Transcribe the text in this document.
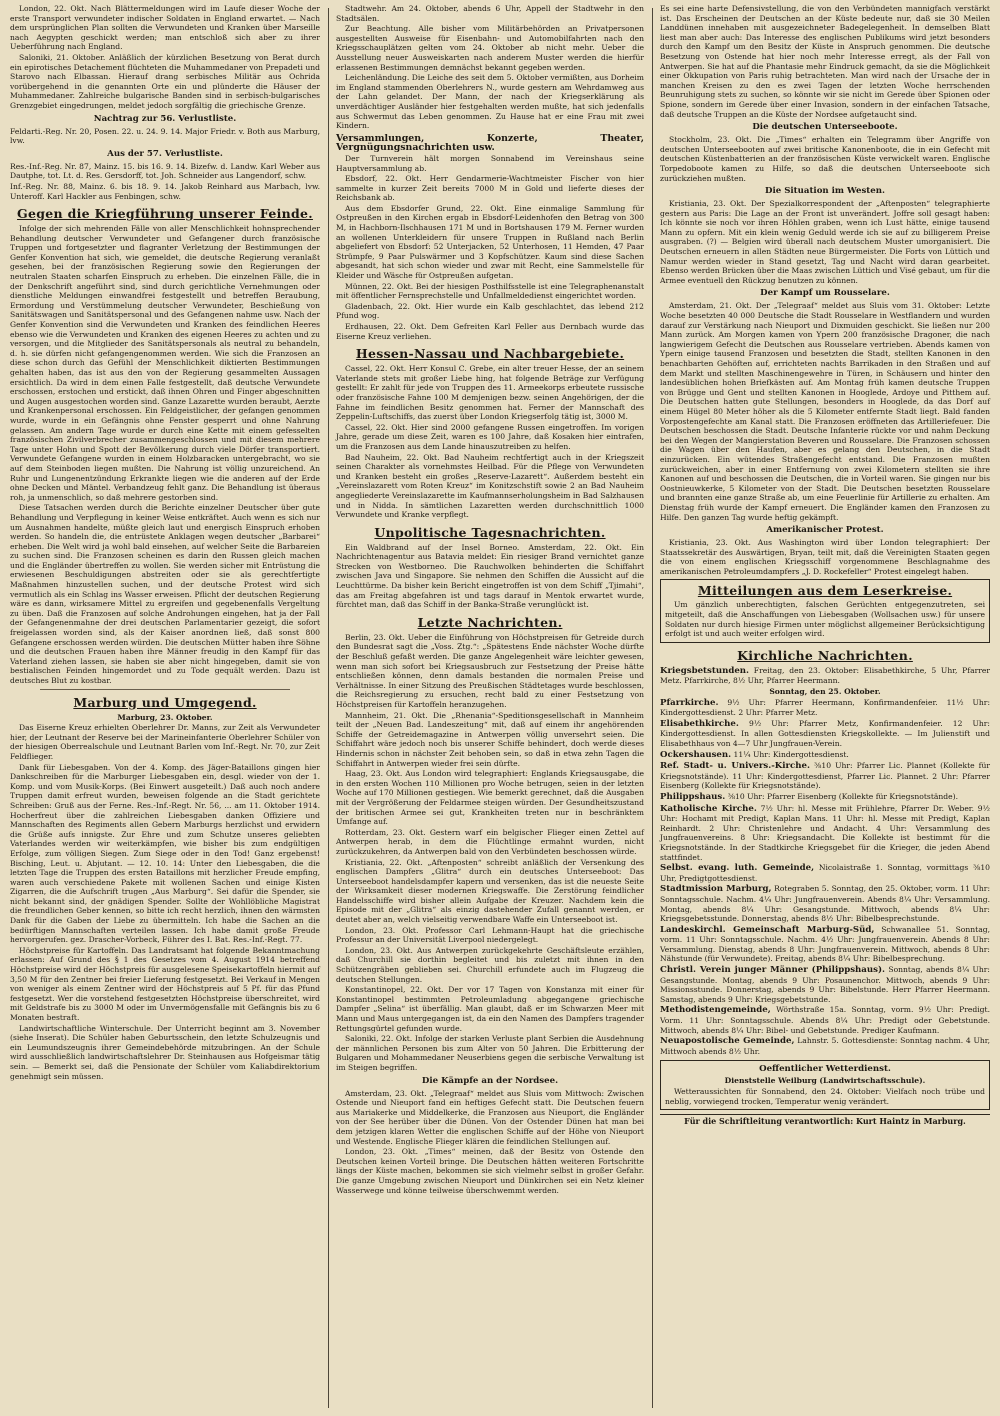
London, 22. Okt. Nach Blättermeldungen wird im Laufe dieser Woche der erste Transport verwundeter indischer Soldaten in England erwartet. — Nach dem ursprünglichen Plan sollten die Verwundeten und Kranken über Marseille nach Aegypten geschickt werden; man entschloß sich aber zu ihrer Ueberführung nach England.

Saloniki, 21. Oktober. Anläßlich der kürzlichen Besetzung von Berat durch ein epirotisches Detachement flüchteten die Muhammedaner von Prepadeti und Starovo nach Elbassan. Hierauf drang serbisches Militär aus Ochrida vorübergehend in die genannten Orte ein und plünderte die Häuser der Muhammedaner. Zahlreiche bulgarische Banden sind in serbisch-bulgarisches Grenzgebiet eingedrungen, meldet jedoch sorgfältig die griechische Grenze.

Nachtrag zur 56. Verlustliste.

Feldarti.-Reg. Nr. 20, Posen. 22. u. 24. 9. 14. Major Friedr. v. Both aus Marburg, lvw.

Aus der 57. Verlustliste.

Res.-Inf.-Reg. Nr. 87, Mainz. 15. bis 16. 9. 14. Bizefw. d. Landw. Karl Weber aus Dautphe, tot. Lt. d. Res. Gersdorff, tot. Joh. Schneider aus Langendorf, schw.

Inf.-Reg. Nr. 88, Mainz. 6. bis 18. 9. 14. Jakob Reinhard aus Marbach, lvw. Unteroff. Karl Hackler aus Fenbingen, schw.

Gegen die Kriegführung unserer Feinde.

Infolge der sich mehrenden Fälle von aller Menschlichkeit hohnsprechender Behandlung deutscher Verwundeter und Gefangener durch französische Truppen und fortgesetzter und flagranter Verletzung der Bestimmungen der Genfer Konvention hat sich, wie gemeldet, die deutsche Regierung veranlaßt gesehen, bei der französischen Regierung sowie den Regierungen der neutralen Staaten scharfen Einspruch zu erheben. Die einzelnen Fälle, die in der Denkschrift angeführt sind, sind durch gerichtliche Vernehmungen oder dienstliche Meldungen einwandfrei festgestellt und betreffen Beraubung, Ermordung und Verstümmelung deutscher Verwundeter, Beschießung von Sanitätswagen und Sanitätspersonal und des Gefangenen nahme usw. Nach der Genfer Konvention sind die Verwundeten und Kranken des feindlichen Heeres ebenso wie die Verwundeten und Kranken des eigenen Heeres zu achten und zu versorgen, und die Mitglieder des Sanitätspersonals als neutral zu behandeln, d. h. sie dürfen nicht gefangengenommen werden. Wie sich die Franzosen an diese schon durch das Gefühl der Menschlichkeit diktierten Bestimmungen gehalten haben, das ist aus den von der Regierung gesammelten Aussagen ersichtlich. Da wird in dem einen Falle festgestellt, daß deutsche Verwundete erschossen, erstochen und erstickt, daß ihnen Ohren und Finger abgeschnitten und Augen ausgestochen worden sind. Ganze Lazarette wurden beraubt, Aerzte und Krankenpersonal erschossen. Ein Feldgeistlicher, der gefangen genommen wurde, wurde in ein Gefängnis ohne Fenster gesperrt und ohne Nahrung gelassen. Am andern Tage wurde er durch eine Kette mit einem gefesselten französischen Zivilverbrecher zusammengeschlossen und mit diesem mehrere Tage unter Hohn und Spott der Bevölkerung durch viele Dörfer transportiert. Verwundete Gefangene wurden in einem Holzbaracken untergebracht, wo sie auf dem Steinboden liegen mußten. Die Nahrung ist völlig unzureichend. An Ruhr und Lungenentzündung Erkrankte liegen wie die anderen auf der Erde ohne Decken und Mäntel. Verbandzeug fehlt ganz. Die Behandlung ist überaus roh, ja unmenschlich, so daß mehrere gestorben sind.

Diese Tatsachen werden durch die Berichte einzelner Deutscher über gute Behandlung und Verpflegung in keiner Weise entkräftet. Auch wenn es sich nur um Ausnahmen handelte, müßte gleich laut und energisch Einspruch erhoben werden. So handeln die, die entrüstete Anklagen wegen deutscher „Barbarei“ erheben. Die Welt wird ja wohl bald einsehen, auf welcher Seite die Barbareien zu suchen sind. Die Franzosen scheinen es darin den Russen gleich machen und die Engländer übertreffen zu wollen. Sie werden sicher mit Entrüstung die erwiesenen Beschuldigungen abstreiten oder sie als gerechtfertigte Maßnahmen hinzustellen suchen, und der deutsche Protest wird sich vermutlich als ein Schlag ins Wasser erweisen. Pflicht der deutschen Regierung wäre es dann, wirksamere Mittel zu ergreifen und gegebenenfalls Vergeltung zu üben. Daß die Franzosen auf solche Androhungen eingehen, hat ja der Fall der Gefangenenmahne der drei deutschen Parlamentarier gezeigt, die sofort freigelassen worden sind, als der Kaiser anordnen ließ, daß sonst 800 Gefangene erschossen werden würden. Die deutschen Mütter haben ihre Söhne und die deutschen Frauen haben ihre Männer freudig in den Kampf für das Vaterland ziehen lassen, sie haben sie aber nicht hingegeben, damit sie von bestialischen Feinden hingemordet und zu Tode gequält werden. Dazu ist deutsches Blut zu kostbar.

Marburg und Umgegend.

Marburg, 23. Oktober.

Das Eiserne Kreuz erhielten Oberlehrer Dr. Manns, zur Zeit als Verwundeter hier, der Leutnant der Reserve bei der Marineinfanterie Oberlehrer Schüler von der hiesigen Oberrealschule und Leutnant Barlen vom Inf.-Regt. Nr. 70, zur Zeit Feldflieger.

Dank für Liebesgaben. Von der 4. Komp. des Jäger-Bataillons gingen hier Dankschreiben für die Marburger Liebesgaben ein, desgl. wieder von der 1. Komp. und vom Musik-Korps. (Bei Einwert ausgeteilt.) Daß auch noch andere Truppen damit erfreut wurden, beweisen folgende an die Stadt gerichtete Schreiben: Gruß aus der Ferne. Res.-Inf.-Regt. Nr. 56, ... am 11. Oktober 1914. Hocherfreut über die zahlreichen Liebesgaben danken Offiziere und Mannschaften des Regiments allen Gebern Marburgs herzlichst und erwidern die Grüße aufs innigste. Zur Ehre und zum Schutze unseres geliebten Vaterlandes werden wir weiterkämpfen, wie bisher bis zum endgültigen Erfolge, zum völligen Siegen. Zum Siege oder in den Tod! Ganz ergebenst! Bisching, Leut. u. Abjutant. — 12. 10. 14: Unter den Liebesgaben, die die letzten Tage die Truppen des ersten Bataillons mit herzlicher Freude empfing, waren auch verschiedene Pakete mit wollenen Sachen und einige Kisten Zigarren, die die Aufschrift trugen „Aus Marburg“. Sei dafür die Spender, sie nicht bekannt sind, der gnädigen Spender. Sollte der Wohllöbliche Magistrat die freundlichen Geber kennen, so bitte ich recht herzlich, ihnen den wärmsten Dank für die Gaben der Liebe zu übermitteln. Ich habe die Sachen an die bedürftigen Mannschaften verteilen lassen. Ich habe damit große Freude hervorgerufen. gez. Drascher-Vorbeck, Führer des I. Bat. Res.-Inf.-Regt. 77.

Höchstpreise für Kartoffeln. Das Landratsamt hat folgende Bekanntmachung erlassen: Auf Grund des § 1 des Gesetzes vom 4. August 1914 betreffend Höchstpreise wird der Höchstpreis für ausgelesene Speisekartoffeln hiermit auf 3,50 M für den Zentner bei freier Lieferung festgesetzt. Bei Verkauf in Mengen von weniger als einem Zentner wird der Höchstpreis auf 5 Pf. für das Pfund festgesetzt. Wer die vorstehend festgesetzten Höchstpreise überschreitet, wird mit Geldstrafe bis zu 3000 M oder im Unvermögensfalle mit Gefängnis bis zu 6 Monaten bestraft.

Landwirtschaftliche Winterschule. Der Unterricht beginnt am 3. November (siehe Inserat). Die Schüler haben Geburtsschein, den letzte Schulzeugnis und ein Leumundszeugnis ihrer Gemeindebehörde mitzubringen. An der Schule wird ausschließlich landwirtschaftslehrer Dr. Steinhausen aus Hofgeismar tätig sein. — Bemerkt sei, daß die Pensionate der Schüler vom Kaliabdirektorium genehmigt sein müssen.

Stadtwehr. Am 24. Oktober, abends 6 Uhr, Appell der Stadtwehr in den Stadtsälen.

Zur Beachtung. Alle bisher vom Militärbehörden an Privatpersonen ausgestellten Ausweise für Eisenbahn- und Automobilfahrten nach den Kriegsschauplätzen gelten vom 24. Oktober ab nicht mehr. Ueber die Ausstellung neuer Ausweiskarten nach anderem Muster werden die hierfür erlassenen Bestimmungen demnächst bekannt gegeben werden.

Leichenländung. Die Leiche des seit dem 5. Oktober vermißten, aus Dorheim im England stammenden Oberlehrers N., wurde gestern am Wehrdamweg aus der Lahn gelandet. Der Mann, der nach der Kriegserklärung als unverdächtiger Ausländer hier festgehalten werden mußte, hat sich jedenfalls aus Schwermut das Leben genommen. Zu Hause hat er eine Frau mit zwei Kindern.

Versammlungen, Konzerte, Theater, Vergnügungsnachrichten usw.

Der Turnverein hält morgen Sonnabend im Vereinshaus seine Hauptversammlung ab.

Ebsdorf, 22. Okt. Herr Gendarmerie-Wachtmeister Fischer von hier sammelte in kurzer Zeit bereits 7000 M in Gold und lieferte dieses der Reichsbank ab.

Aus dem Ebsdorfer Grund, 22. Okt. Eine einmalige Sammlung für Ostpreußen in den Kirchen ergab in Ebsdorf-Leidenhofen den Betrag von 300 M, in Hachborn-Ilschhausen 171 M und in Bortshausen 179 M. Ferner wurden an wollenen Unterkleidern für unsere Truppen in Rußland nach Berlin abgeliefert von Ebsdorf: 52 Unterjacken, 52 Unterhosen, 11 Hemden, 47 Paar Strümpfe, 9 Paar Pulswärmer und 3 Kopfschützer. Kaum sind diese Sachen abgesandt, hat sich schon wieder und zwar mit Recht, eine Sammelstelle für Kleider und Wäsche für Ostpreußen aufgetan.

Münnen, 22. Okt. Bei der hiesigen Posthilfsstelle ist eine Telegraphenanstalt mit öffentlicher Fernsprechstelle und Unfallmeldedienst eingerichtet worden.

Gladenbach, 22. Okt. Hier wurde ein Kalb geschlachtet, das lebend 212 Pfund wog.

Erdhausen, 22. Okt. Dem Gefreiten Karl Feller aus Dernbach wurde das Eiserne Kreuz verliehen.

Hessen-Nassau und Nachbargebiete.

Cassel, 22. Okt. Herr Konsul C. Grebe, ein alter treuer Hesse, der an seinem Vaterlande stets mit großer Liebe hing, hat folgende Beträge zur Verfügung gestellt: Er zahlt für jede von Truppen des 11. Armeekorps erbeutete russische oder französische Fahne 100 M demjenigen bezw. seinen Angehörigen, der die Fahne im feindlichen Besitz genommen hat. Ferner der Mannschaft des Zeppelin-Luftschiffs, das zuerst über London Kriegserfolg tätig ist, 3000 M.

Cassel, 22. Okt. Hier sind 2000 gefangene Russen eingetroffen. Im vorigen Jahre, gerade um diese Zeit, waren es 100 Jahre, daß Kosaken hier eintrafen, um die Franzosen aus dem Lande hinauszutreiben zu helfen.

Bad Nauheim, 22. Okt. Bad Nauheim rechtfertigt auch in der Kriegszeit seinen Charakter als vornehmstes Heilbad. Für die Pflege von Verwundeten und Kranken besteht ein großes „Reserve-Lazarett“. Außerdem besteht ein „Vereinslazarett vom Roten Kreuz“ im Konitzschstift sowie 2 an Bad Nauheim angegliederte Vereinslazarette im Kaufmannserholungsheim in Bad Salzhausen und in Nidda. In sämtlichen Lazaretten werden durchschnittlich 1000 Verwundete und Kranke verpflegt.

Unpolitische Tagesnachrichten.

Ein Waldbrand auf der Insel Borneo. Amsterdam, 22. Okt. Ein Nachrichtenagentur aus Batavia meldet: Ein riesiger Brand vernichtet ganze Strecken von Westborneo. Die Rauchwolken behinderten die Schiffahrt zwischen Java und Singapore. Sie nehmen den Schiffen die Aussicht auf die Leuchttürme. Da bisher kein Bericht eingetroffen ist von dem Schiff „Tjimahi“, das am Freitag abgefahren ist und tags darauf in Mentok erwartet wurde, fürchtet man, daß das Schiff in der Banka-Straße verunglückt ist.

Letzte Nachrichten.

Berlin, 23. Okt. Ueber die Einführung von Höchstpreisen für Getreide durch den Bundesrat sagt die „Voss. Ztg.“: „Spätestens Ende nächster Woche dürfte der Beschluß gefaßt werden. Die ganze Angelegenheit wäre leichter gewesen, wenn man sich sofort bei Kriegsausbruch zur Festsetzung der Preise hätte entschließen können, denn damals bestanden die normalen Preise und Verhältnisse. In einer Sitzung des Preußischen Städtetages wurde beschlossen, die Reichsregierung zu ersuchen, recht bald zu einer Festsetzung von Höchstpreisen für Kartoffeln heranzugehen.

Mannheim, 21. Okt. Die „Rhenania“-Speditionsgesellschaft in Mannheim teilt der „Neuen Bad. Landeszeitung“ mit, daß auf einem ihr angehörenden Schiffe der Getreidemagazine in Antwerpen völlig unversehrt seien. Die Schiffahrt wäre jedoch noch bis unserer Schiffe behindert, doch werde dieses Hindernis schon in nächster Zeit behoben sein, so daß in etwa zehn Tagen die Schiffahrt in Antwerpen wieder frei sein dürfte.

Haag, 23. Okt. Aus London wird telegraphiert: Englands Kriegsausgabe, die in den ersten Wochen 110 Millionen pro Woche betrugen, seien in der letzten Woche auf 170 Millionen gestiegen. Wie bemerkt gerechnet, daß die Ausgaben mit der Vergrößerung der Feldarmee steigen würden. Der Gesundheitszustand der britischen Armee sei gut, Krankheiten treten nur in beschränktem Umfange auf.

Rotterdam, 23. Okt. Gestern warf ein belgischer Flieger einen Zettel auf Antwerpen herab, in dem die Flüchtlinge ermahnt wurden, nicht zurückzukehren, da Antwerpen bald von den Verbündeten beschossen würde.

Kristiania, 22. Okt. „Aftenposten“ schreibt anläßlich der Versenkung des englischen Dampfers „Glitra“ durch ein deutsches Unterseeboot: Das Unterseeboot handelsdampfer kapern und versenken, das ist die neueste Seite der Wirksamkeit dieser modernen Kriegswaffe. Die Zerstörung feindlicher Handelsschiffe wird bisher allein Aufgabe der Kreuzer. Nachdem kein die Episode mit der „Glitra“ als einzig dastehender Zufall genannt werden, er deutet aber an, welch vielseitig verwendbare Waffe ein Unterseeboot ist.

London, 23. Okt. Professor Carl Lehmann-Haupt hat die griechische Professur an der Universität Liverpool niedergelegt.

London, 23. Okt. Aus Antwerpen zurückgekehrte Geschäftsleute erzählen, daß Churchill sie dorthin begleitet und bis zuletzt mit ihnen in den Schützengräben geblieben sei. Churchill erfundete auch im Flugzeug die deutschen Stellungen.

Konstantinopel, 22. Okt. Der vor 17 Tagen von Konstanza mit einer für Konstantinopel bestimmten Petroleumladung abgegangene griechische Dampfer „Selina“ ist überfällig. Man glaubt, daß er im Schwarzen Meer mit Mann und Maus untergegangen ist, da ein den Namen des Dampfers tragender Rettungsgürtel gefunden wurde.

Saloniki, 22. Okt. Infolge der starken Verluste plant Serbien die Ausdehnung der männlichen Personen bis zum Alter von 50 Jahren. Die Erbitterung der Bulgaren und Mohammedaner Neuserbiens gegen die serbische Verwaltung ist im Steigen begriffen.

Die Kämpfe an der Nordsee.

Amsterdam, 23. Okt. „Telegraaf“ meldet aus Sluis vom Mittwoch: Zwischen Ostende und Nieuport fand ein heftiges Gefecht statt. Die Deutschen feuern aus Mariakerke und Middelkerke, die Franzosen aus Nieuport, die Engländer von der See herüber über die Dünen. Von der Ostender Dünen hat man bei dem jetzigen klaren Wetter die englischen Schiffe auf der Höhe von Nieuport und Westende. Englische Flieger klären die feindlichen Stellungen auf.

London, 23. Okt. „Times“ meinen, daß der Besitz von Ostende den Deutschen keinen Vorteil bringe. Die Deutschen hätten weiteren Fortschritte längs der Küste machen, bekommen sie sich vielmehr selbst in großer Gefahr. Die ganze Umgebung zwischen Nieuport und Dünkirchen sei ein Netz kleiner Wasserwege und könne teilweise überschwemmt werden.

Es sei eine harte Defensivstellung, die von den Verbündeten mannigfach verstärkt ist. Das Erscheinen der Deutschen an der Küste bedeute nur, daß sie 30 Meilen Landdünen innehaben mit ausgezeichneter Badegelegenheit. In demselben Blatt liest man aber auch: Das Interesse des englischen Publikums wird jetzt besonders durch den Kampf um den Besitz der Küste in Anspruch genommen. Die deutsche Besetzung von Ostende hat hier noch mehr Interesse erregt, als der Fall von Antwerpen. Sie hat auf die Phantasie mehr Eindruck gemacht, da sie die Möglichkeit einer Okkupation von Paris ruhig betrachteten. Man wird nach der Ursache der in manchen Kreisen zu den es zwei Tagen der letzten Woche herrschenden Beunruhigung stets zu suchen, so könnte wir sie nicht im Gerede über Spionen oder Spione, sondern im Gerede über einer Invasion, sondern in der einfachen Tatsache, daß deutsche Truppen an die Küste der Nordsee aufgetaucht sind.

Die deutschen Unterseeboote.

Stockholm, 23. Okt. Die „Times“ erhalten ein Telegramm über Angriffe von deutschen Unterseebooten auf zwei britische Kanonenboote, die in ein Gefecht mit deutschen Küstenbatterien an der französischen Küste verwickelt waren. Englische Torpedoboote kamen zu Hilfe, so daß die deutschen Unterseeboote sich zurückziehen mußten.

Die Situation im Westen.

Kristiania, 23. Okt. Der Spezialkorrespondent der „Aftenposten“ telegraphierte gestern aus Paris: Die Lage an der Front ist unverändert. Joffre soll gesagt haben: Ich könnte sie noch vor ihren Höhlen graben, wenn ich Lust hätte, einige tausend Mann zu opfern. Mit ein klein wenig Geduld werde ich sie auf zu billigerem Preise ausgraben. (?) — Belgien wird überall nach deutschem Muster umorganisiert. Die Deutschen erneuern in allen Städten neue Bürgermeister. Die Forts von Lüttich und Namur werden wieder in Stand gesetzt, Tag und Nacht wird daran gearbeitet. Ebenso werden Brücken über die Maas zwischen Lüttich und Visé gebaut, um für die Armee eventuell den Rückzug benutzen zu können.

Der Kampf um Rousselare.

Amsterdam, 21. Okt. Der „Telegraaf“ meldet aus Sluis vom 31. Oktober: Letzte Woche besetzten 40 000 Deutsche die Stadt Rousselare in Westflandern und wurden darauf zur Verstärkung nach Nieuport und Dixmuiden geschickt. Sie ließen nur 200 Mann zurück. Am Morgen kamen von Ypern 200 französische Dragoner, die nach langwierigem Gefecht die Deutschen aus Rousselare vertrieben. Abends kamen von Ypern einige tausend Franzosen und besetzten die Stadt, stellten Kanonen in den benachbarten Gehöften auf, errichteten nachts Barrikaden in den Straßen und auf dem Markt und stellten Maschinengewehre in Türen, in Schäusern und hinter den landesüblichen hohen Briefkästen auf. Am Montag früh kamen deutsche Truppen von Brügge und Gent und stellten Kanonen in Hooglede, Ardoye und Pitthem auf. Die Deutschen hatten gute Stellungen, besonders in Hooglede, da das Dorf auf einem Hügel 80 Meter höher als die 5 Kilometer entfernte Stadt liegt. Bald fanden Vorpostengefechte am Kanal statt. Die Franzosen eröffneten das Artilleriefeuer. Die Deutschen beschossen die Stadt. Deutsche Infanterie rückte vor und nahm Deckung bei den Wegen der Mangierstation Beveren und Rousselare. Die Franzosen schossen die Wagen über den Haufen, aber es gelang den Deutschen, in die Stadt einzurücken. Ein wütendes Straßengefecht entstand. Die Franzosen mußten zurückweichen, aber in einer Entfernung von zwei Kilometern stellten sie ihre Kanonen auf und beschossen die Deutschen, die in Vorteil waren. Sie gingen nur bis Oostnieuwkerke, 5 Kilometer von der Stadt. Die Deutschen besetzten Rousselare und brannten eine ganze Straße ab, um eine Feuerlinie für Artillerie zu erhalten. Am Dienstag früh wurde der Kampf erneuert. Die Engländer kamen den Franzosen zu Hilfe. Den ganzen Tag wurde heftig gekämpft.

Amerikanischer Protest.

Kristiania, 23. Okt. Aus Washington wird über London telegraphiert: Der Staatssekretär des Auswärtigen, Bryan, teilt mit, daß die Vereinigten Staaten gegen die von einem englischen Kriegsschiff vorgenommene Beschlagnahme des amerikanischen Petroleumdampfers „J. D. Rockefeller“ Protest eingelegt haben.

Mitteilungen aus dem Leserkreise.

Um gänzlich unberechtigten, falschen Gerüchten entgegenzutreten, sei mitgeteilt, daß die Anschaffungen von Liebesgaben (Wollsachen usw.) für unsere Soldaten nur durch hiesige Firmen unter möglichst allgemeiner Berücksichtigung erfolgt ist und auch weiter erfolgen wird.

Kirchliche Nachrichten.

Kriegsbetstunden. Freitag, den 23. Oktober: Elisabethkirche, 5 Uhr, Pfarrer Metz. Pfarrkirche, 8½ Uhr, Pfarrer Heermann.

Sonntag, den 25. Oktober.

Pfarrkirche. 9½ Uhr: Pfarrer Heermann, Konfirmandenfeier. 11½ Uhr: Kindergottesdienst. 2 Uhr: Pfarrer Metz.

Elisabethkirche. 9½ Uhr: Pfarrer Metz, Konfirmandenfeier. 12 Uhr: Kindergottesdienst. In allen Gottesdiensten Kriegskollekte. — Im Julienstift und Elisabethhaus von 4—7 Uhr Jungfrauen-Verein.

Ockershausen. 11¼ Uhr: Kindergottesdienst.

Ref. Stadt- u. Univers.-Kirche. ⅜10 Uhr: Pfarrer Lic. Plannet (Kollekte für Kriegsnotstände). 11 Uhr: Kindergottesdienst, Pfarrer Lic. Plannet. 2 Uhr: Pfarrer Eisenberg (Kollekte für Kriegsnotstände).

Philippshaus. ⅜10 Uhr: Pfarrer Eisenberg (Kollekte für Kriegsnotstände).

Katholische Kirche. 7½ Uhr: hl. Messe mit Frühlehre, Pfarrer Dr. Weber. 9½ Uhr: Hochamt mit Predigt, Kaplan Mans. 11 Uhr: hl. Messe mit Predigt, Kaplan Reinhardt. 2 Uhr: Christenlehre und Andacht. 4 Uhr: Versammlung des Jungfrauenvereins. 8 Uhr: Kriegsandacht. Die Kollekte ist bestimmt für die Kriegsnotstände. In der Stadtkirche Kriegsgebet für die Krieger, die jeden Abend stattfindet.

Selbst. evang. luth. Gemeinde, Nicolaistraße 1. Sonntag, vormittags ⅜10 Uhr, Predigtgottesdienst.

Stadtmission Marburg, Rotegraben 5. Sonntag, den 25. Oktober, vorm. 11 Uhr: Sonntagsschule. Nachm. 4¼ Uhr: Jungfrauenverein. Abends 8¼ Uhr: Versammlung. Montag, abends 8¼ Uhr: Gesangstunde. Mittwoch, abends 8¼ Uhr: Kriegsgebetsstunde. Donnerstag, abends 8½ Uhr: Bibelbesprechstunde.

Landeskirchl. Gemeinschaft Marburg-Süd, Schwanallee 51. Sonntag, vorm. 11 Uhr: Sonntagsschule. Nachm. 4½ Uhr: Jungfrauenverein. Abends 8 Uhr: Versammlung. Dienstag, abends 8 Uhr: Jungfrauenverein. Mittwoch, abends 8 Uhr: Nähstunde (für Verwundete). Freitag, abends 8¼ Uhr: Bibelbesprechung.

Christl. Verein junger Männer (Philippshaus). Sonntag, abends 8¼ Uhr: Gesangstunde. Montag, abends 9 Uhr: Posaunenchor. Mittwoch, abends 9 Uhr: Missionsstunde. Donnerstag, abends 9 Uhr: Bibelstunde. Herr Pfarrer Heermann. Samstag, abends 9 Uhr: Kriegsgebetstunde.

Methodistengemeinde, Wörthstraße 15a. Sonntag, vorm. 9½ Uhr: Predigt. Vorm. 11 Uhr: Sonntagsschule. Abends 8¼ Uhr: Predigt oder Gebetstunde. Mittwoch, abends 8¼ Uhr: Bibel- und Gebetstunde. Prediger Kaufmann.

Neuapostolische Gemeinde, Lahnstr. 5. Gottesdienste: Sonntag nachm. 4 Uhr, Mittwoch abends 8½ Uhr.

Oeffentlicher Wetterdienst.

Dienststelle Weilburg (Landwirtschaftsschule).

Wetteraussichten für Sonnabend, den 24. Oktober: Vielfach noch trübe und neblig, vorwiegend trocken, Temperatur wenig verändert.

Für die Schriftleitung verantwortlich: Kurt Haintz in Marburg.
